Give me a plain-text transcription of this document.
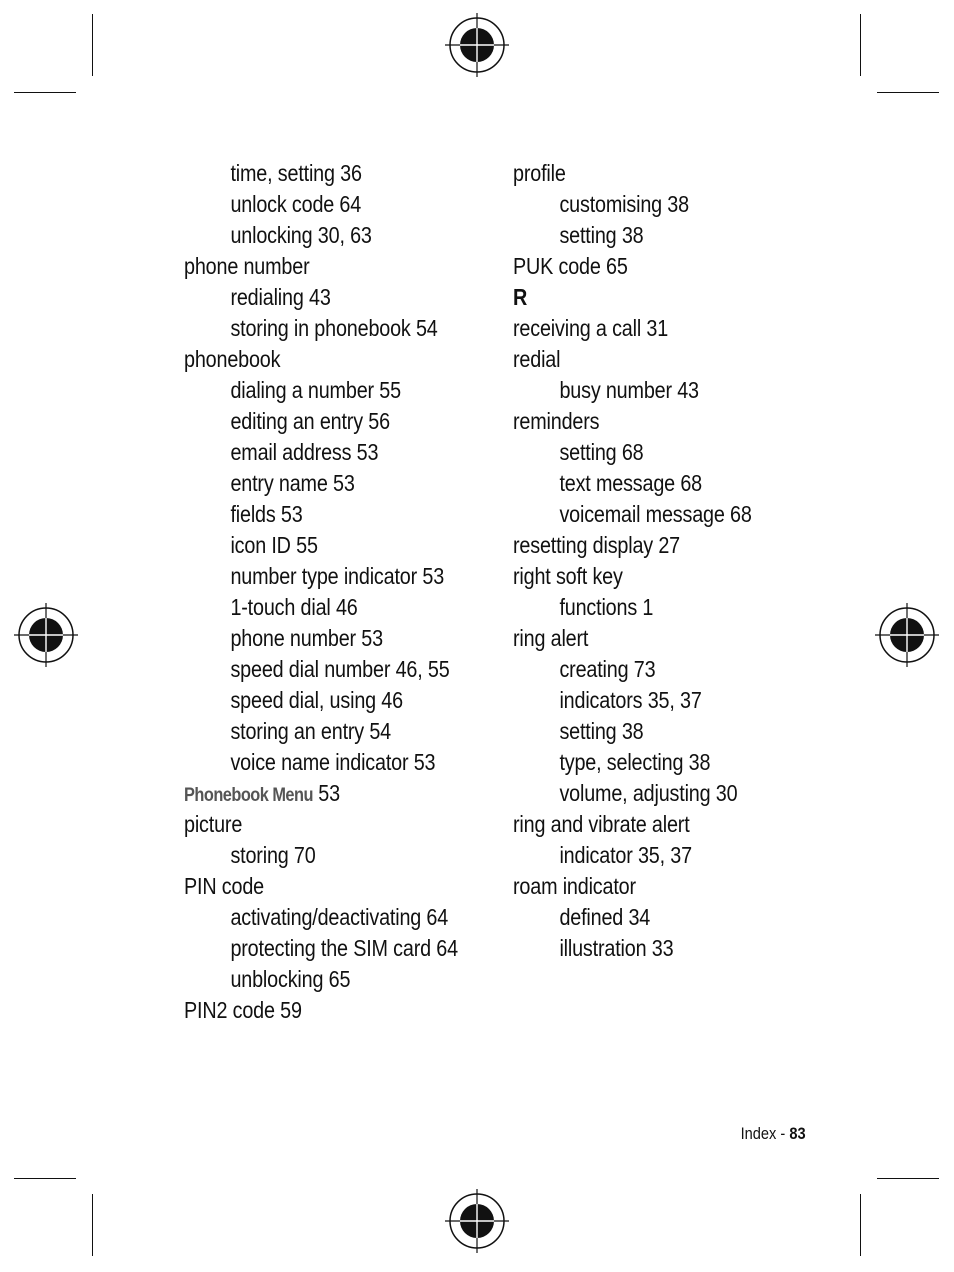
time, setting 36
unlock code 64
unlocking 30, 63
phone number
redialing 43
storing in phonebook 54
phonebook
dialing a number 55
editing an entry 56
email address 53
entry name 53
fields 53
icon ID 55
number type indicator 53
1-touch dial 46
phone number 53
speed dial number 46, 55
speed dial, using 46
storing an entry 54
voice name indicator 53
Phonebook Menu 53
picture
storing 70
PIN code
activating/deactivating 64
protecting the SIM card 64
unblocking 65
PIN2 code 59
profile
customising 38
setting 38
PUK code 65
R
receiving a call 31
redial
busy number 43
reminders
setting 68
text message 68
voicemail message 68
resetting display 27
right soft key
functions 1
ring alert
creating 73
indicators 35, 37
setting 38
type, selecting 38
volume, adjusting 30
ring and vibrate alert
indicator 35, 37
roam indicator
defined 34
illustration 33
Index - 83
